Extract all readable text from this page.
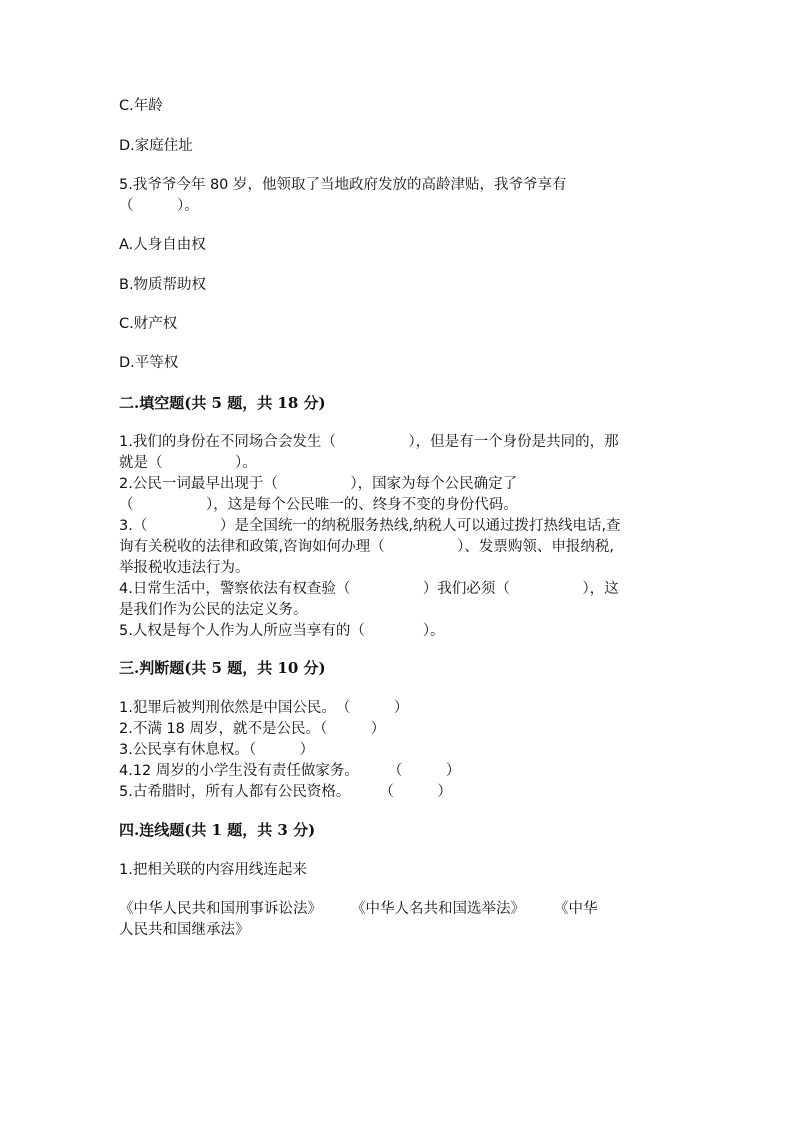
C.年龄
D.家庭住址
5.我爷爷今年 80 岁，他领取了当地政府发放的高龄津贴，我爷爷享有
（　　　）。
A.人身自由权
B.物质帮助权
C.财产权
D.平等权
二.填空题(共 5 题，共 18 分)
1.我们的身份在不同场合会发生（　　　　　），但是有一个身份是共同的，那
就是（　　　　　）。
2.公民一词最早出现于（　　　　　），国家为每个公民确定了
（　　　　　），这是每个公民唯一的、终身不变的身份代码。
3.（　　　　　）是全国统一的纳税服务热线,纳税人可以通过拨打热线电话,查
询有关税收的法律和政策,咨询如何办理（　　　　　）、发票购领、申报纳税,
举报税收违法行为。
4.日常生活中，警察依法有权查验（　　　　　）我们必须（　　　　　），这
是我们作为公民的法定义务。
5.人权是每个人作为人所应当享有的（　　　　）。
三.判断题(共 5 题，共 10 分)
1.犯罪后被判刑依然是中国公民。　（　　　）
2.不满 18 周岁，就不是公民。（　　　）
3.公民享有休息权。（　　　）
4.12 周岁的小学生没有责任做家务。　　　（　　　）
5.古希腊时，所有人都有公民资格。　　　（　　　）
四.连线题(共 1 题，共 3 分)
1.把相关联的内容用线连起来
《中华人民共和国刑事诉讼法》　　　《中华人名共和国选举法》　　　《中华
人民共和国继承法》
